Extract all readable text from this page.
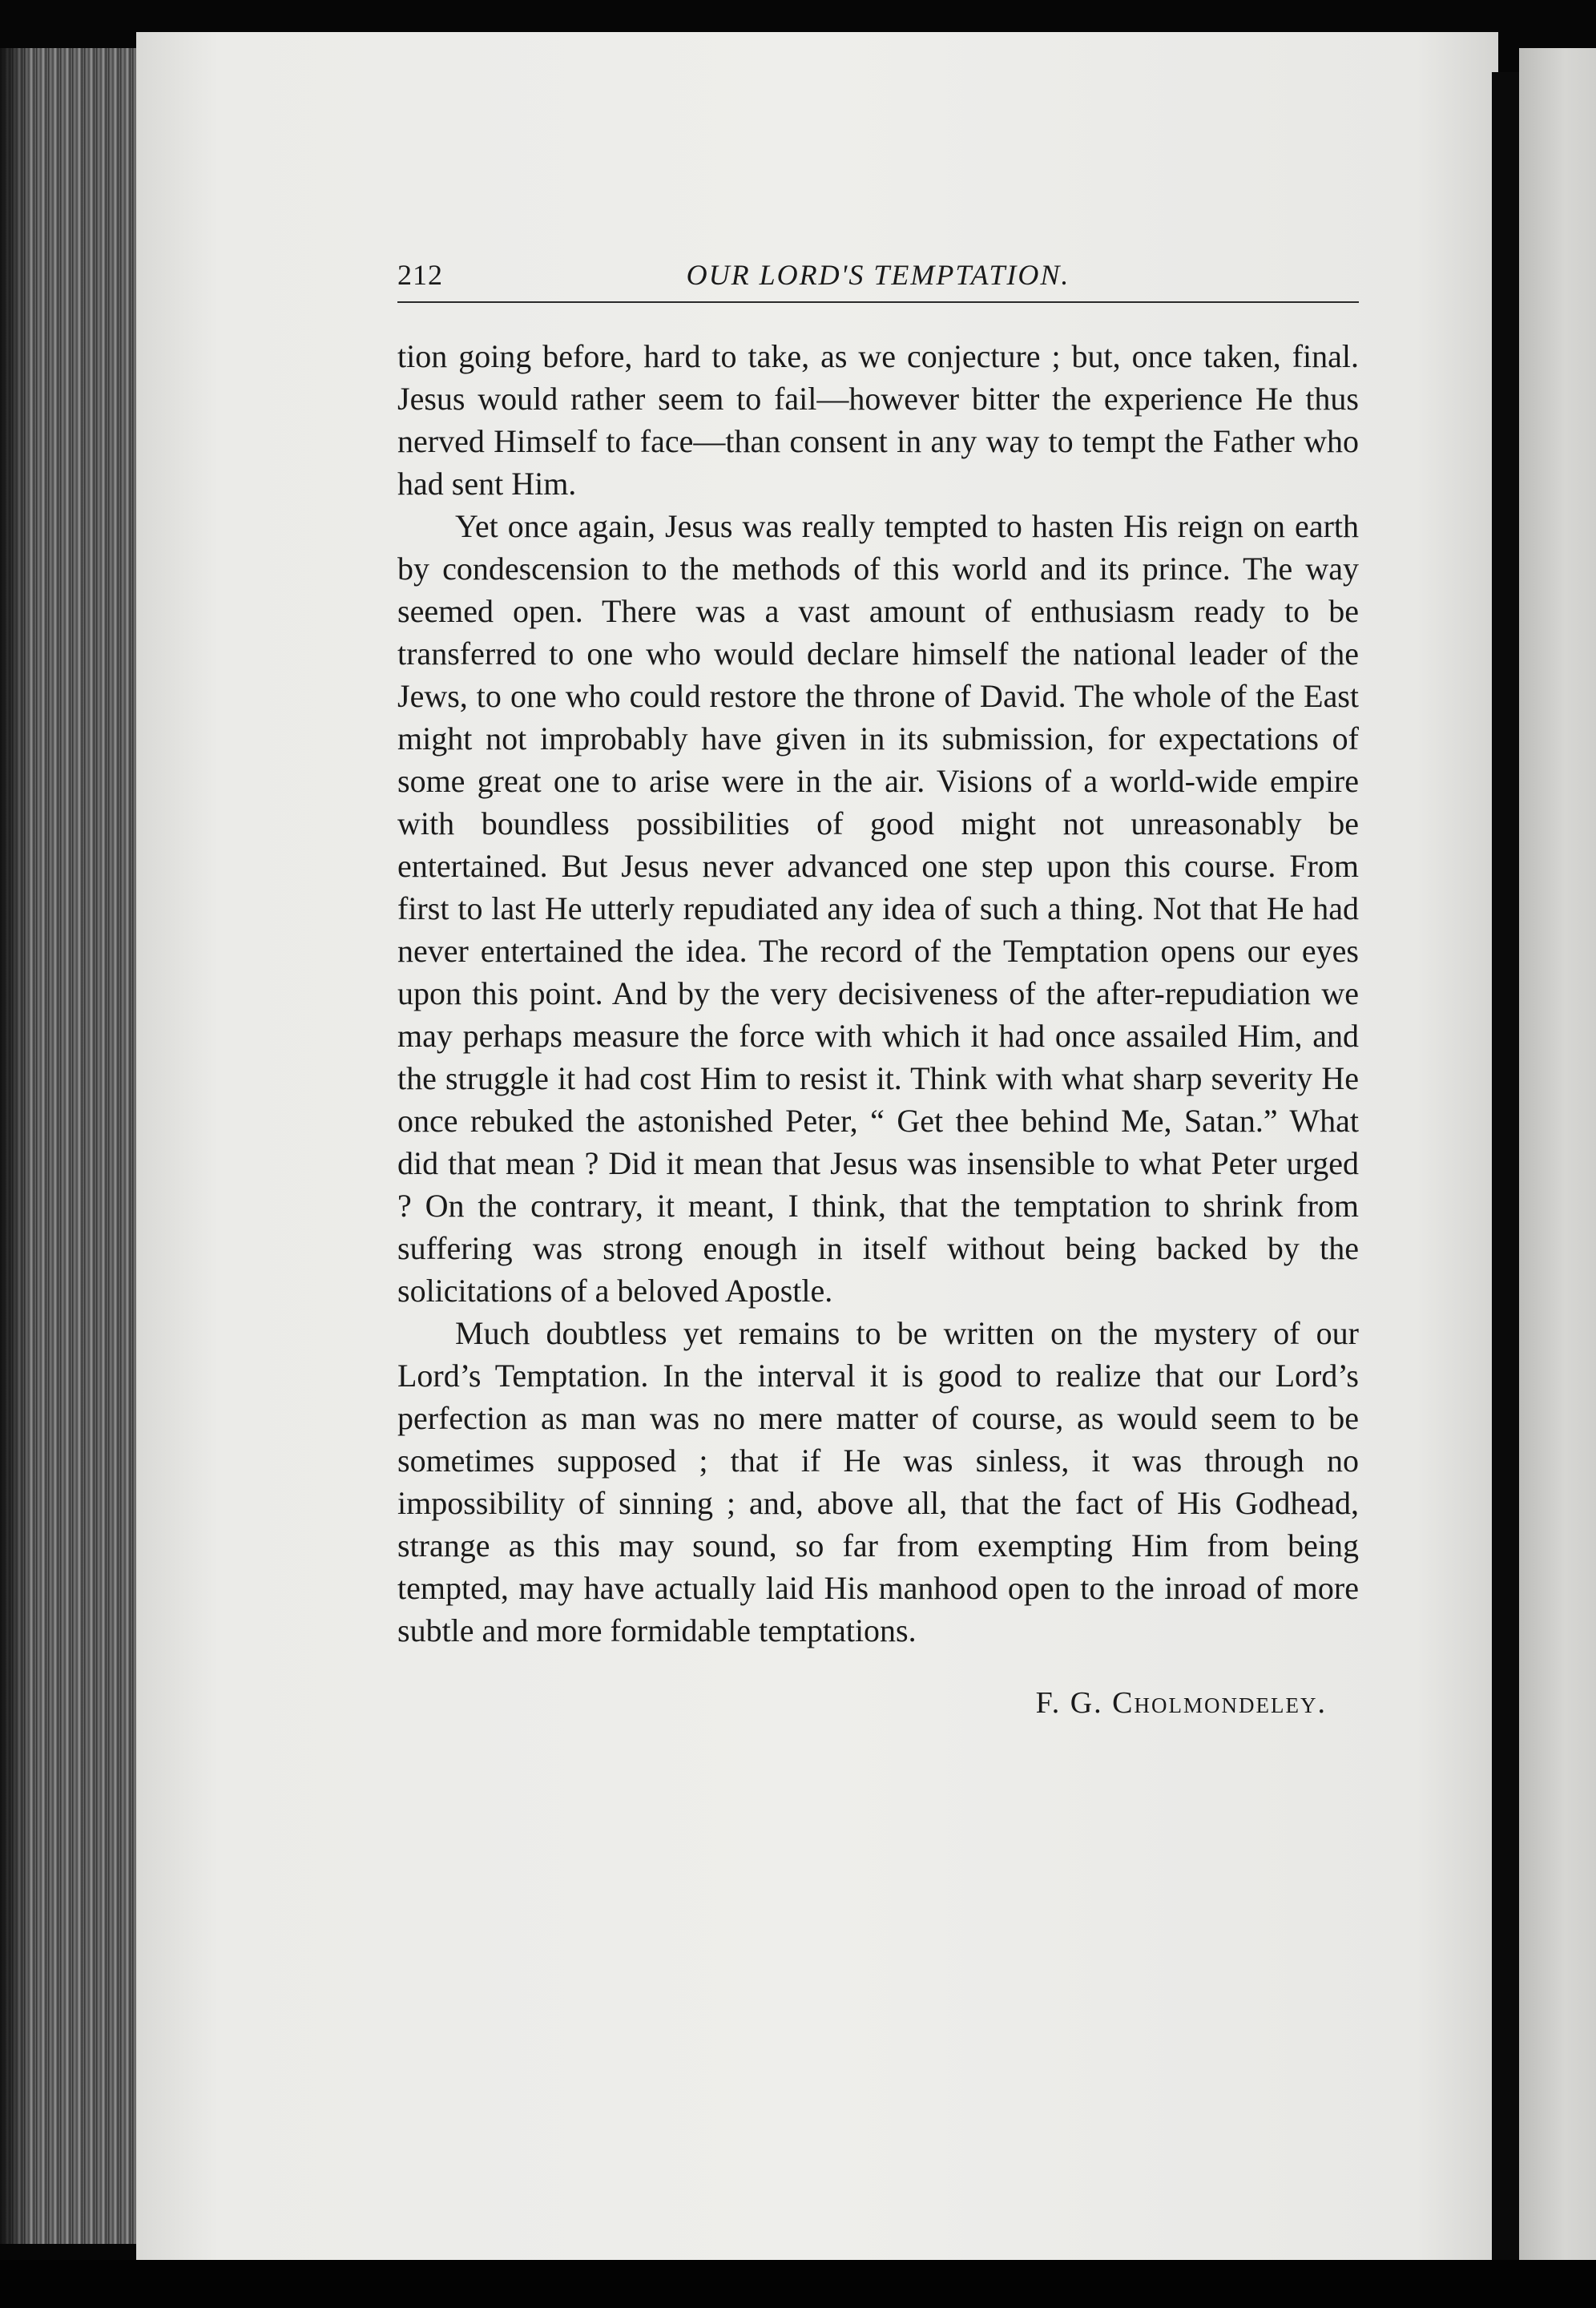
212	OUR LORD'S TEMPTATION.

tion going before, hard to take, as we conjecture ; but, once taken, final. Jesus would rather seem to fail—however bitter the experience He thus nerved Himself to face—than consent in any way to tempt the Father who had sent Him.

Yet once again, Jesus was really tempted to hasten His reign on earth by condescension to the methods of this world and its prince. The way seemed open. There was a vast amount of enthusiasm ready to be transferred to one who would declare himself the national leader of the Jews, to one who could restore the throne of David. The whole of the East might not improbably have given in its submission, for expectations of some great one to arise were in the air. Visions of a world-wide empire with boundless possibilities of good might not unreasonably be entertained. But Jesus never advanced one step upon this course. From first to last He utterly repudiated any idea of such a thing. Not that He had never entertained the idea. The record of the Temptation opens our eyes upon this point. And by the very decisiveness of the after-repudiation we may perhaps measure the force with which it had once assailed Him, and the struggle it had cost Him to resist it. Think with what sharp severity He once rebuked the astonished Peter, “ Get thee behind Me, Satan.” What did that mean ? Did it mean that Jesus was insensible to what Peter urged ? On the contrary, it meant, I think, that the temptation to shrink from suffering was strong enough in itself without being backed by the solicitations of a beloved Apostle.

Much doubtless yet remains to be written on the mystery of our Lord’s Temptation. In the interval it is good to realize that our Lord’s perfection as man was no mere matter of course, as would seem to be sometimes supposed ; that if He was sinless, it was through no impossibility of sinning ; and, above all, that the fact of His Godhead, strange as this may sound, so far from exempting Him from being tempted, may have actually laid His manhood open to the inroad of more subtle and more formidable temptations.

F. G. Cholmondeley.
